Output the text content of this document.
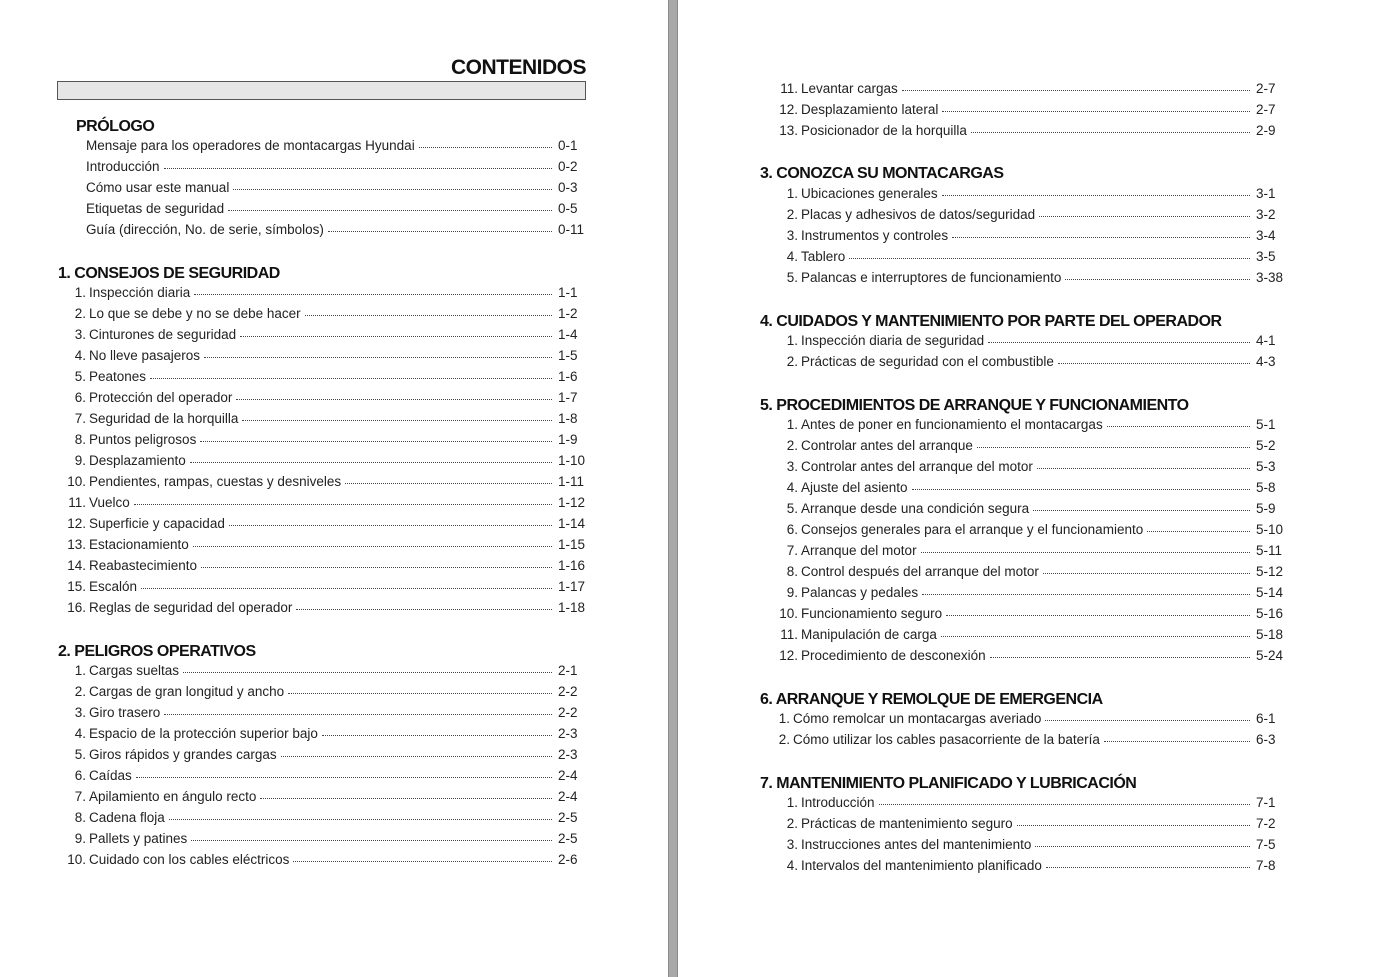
CONTENIDOS
PRÓLOGO
Mensaje para los operadores de montacargas Hyundai	0-1
Introducción	0-2
Cómo usar este manual	0-3
Etiquetas de seguridad	0-5
Guía (dirección, No. de serie, símbolos)	0-11
1. CONSEJOS DE SEGURIDAD
1. Inspección diaria	1-1
2. Lo que se debe y no se debe hacer	1-2
3. Cinturones de seguridad	1-4
4. No lleve pasajeros	1-5
5. Peatones	1-6
6. Protección del operador	1-7
7. Seguridad de la horquilla	1-8
8. Puntos peligrosos	1-9
9. Desplazamiento	1-10
10. Pendientes, rampas, cuestas y desniveles	1-11
11. Vuelco	1-12
12. Superficie y capacidad	1-14
13. Estacionamiento	1-15
14. Reabastecimiento	1-16
15. Escalón	1-17
16. Reglas de seguridad del operador	1-18
2. PELIGROS OPERATIVOS
1. Cargas sueltas	2-1
2. Cargas de gran longitud y ancho	2-2
3. Giro trasero	2-2
4. Espacio de la protección superior bajo	2-3
5. Giros rápidos y grandes cargas	2-3
6. Caídas	2-4
7. Apilamiento en ángulo recto	2-4
8. Cadena floja	2-5
9. Pallets y patines	2-5
10. Cuidado con los cables eléctricos	2-6
11. Levantar cargas	2-7
12. Desplazamiento lateral	2-7
13. Posicionador de la horquilla	2-9
3. CONOZCA SU MONTACARGAS
1. Ubicaciones generales	3-1
2. Placas y adhesivos de datos/seguridad	3-2
3. Instrumentos y controles	3-4
4. Tablero	3-5
5. Palancas e interruptores de funcionamiento	3-38
4. CUIDADOS Y MANTENIMIENTO POR PARTE DEL OPERADOR
1. Inspección diaria de seguridad	4-1
2. Prácticas de seguridad con el combustible	4-3
5. PROCEDIMIENTOS DE ARRANQUE Y FUNCIONAMIENTO
1. Antes de poner en funcionamiento el montacargas	5-1
2. Controlar antes del arranque	5-2
3. Controlar antes del arranque del motor	5-3
4. Ajuste del asiento	5-8
5. Arranque desde una condición segura	5-9
6. Consejos generales para el arranque y el funcionamiento	5-10
7. Arranque del motor	5-11
8. Control después del arranque del motor	5-12
9. Palancas y pedales	5-14
10. Funcionamiento seguro	5-16
11. Manipulación de carga	5-18
12. Procedimiento de desconexión	5-24
6. ARRANQUE Y REMOLQUE DE EMERGENCIA
1. Cómo remolcar un montacargas averiado	6-1
2. Cómo utilizar los cables pasacorriente de la batería	6-3
7. MANTENIMIENTO PLANIFICADO Y LUBRICACIÓN
1. Introducción	7-1
2. Prácticas de mantenimiento seguro	7-2
3. Instrucciones antes del mantenimiento	7-5
4. Intervalos del mantenimiento planificado	7-8
